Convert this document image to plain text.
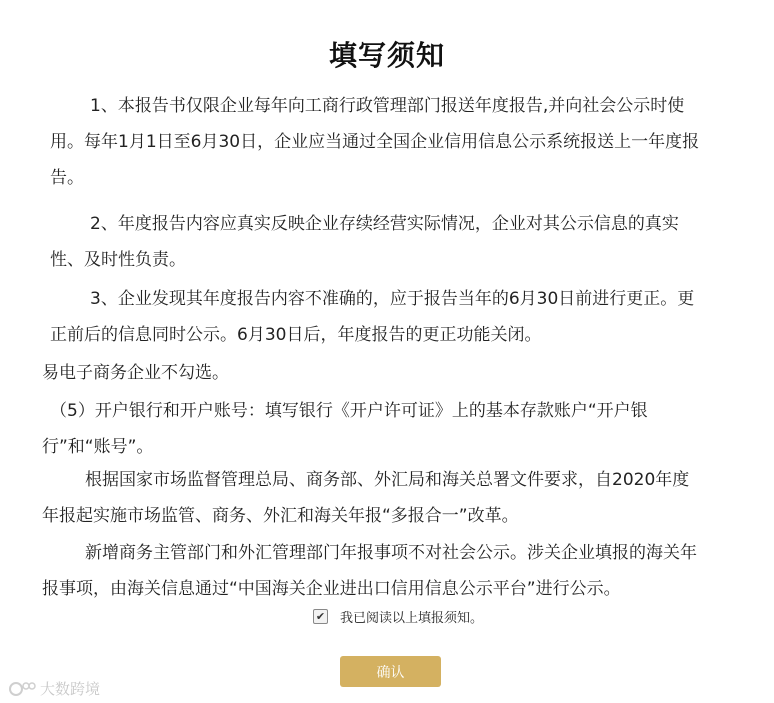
填写须知
1、本报告书仅限企业每年向工商行政管理部门报送年度报告,并向社会公示时使
用。每年1月1日至6月30日，企业应当通过全国企业信用信息公示系统报送上一年度报
告。
2、年度报告内容应真实反映企业存续经营实际情况，企业对其公示信息的真实
性、及时性负责。
3、企业发现其年度报告内容不准确的，应于报告当年的6月30日前进行更正。更
正前后的信息同时公示。6月30日后，年度报告的更正功能关闭。
易电子商务企业不勾选。
（5）开户银行和开户账号：填写银行《开户许可证》上的基本存款账户“开户银
行”和“账号”。
根据国家市场监督管理总局、商务部、外汇局和海关总署文件要求，自2020年度
年报起实施市场监管、商务、外汇和海关年报“多报合一”改革。
新增商务主管部门和外汇管理部门年报事项不对社会公示。涉关企业填报的海关年
报事项，由海关信息通过“中国海关企业进出口信用信息公示平台”进行公示。
✔ 我已阅读以上填报须知。
确认
大数跨境
